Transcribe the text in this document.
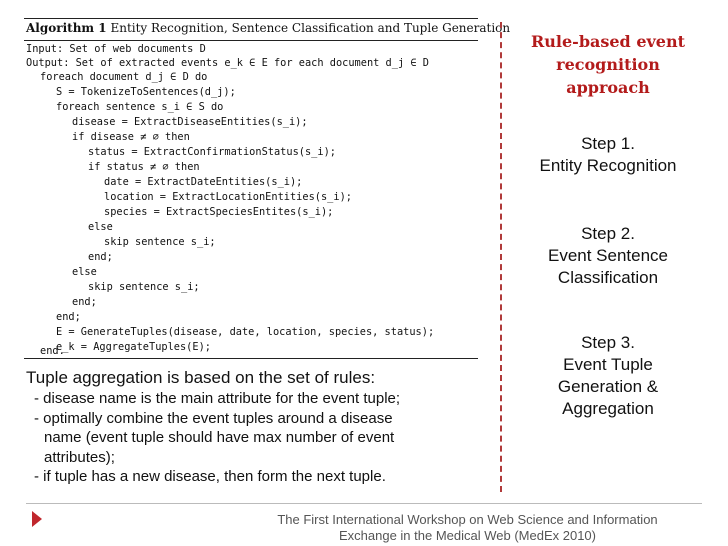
Algorithm 1 Entity Recognition, Sentence Classification and Tuple Generation
Input: Set of web documents D
Output: Set of extracted events e_k ∈ E for each document d_j ∈ D
foreach document d_j ∈ D do
S = TokenizeToSentences(d_j);
foreach sentence s_i ∈ S do
disease = ExtractDiseaseEntities(s_i);
if disease ≠ ∅ then
status = ExtractConfirmationStatus(s_i);
if status ≠ ∅ then
date = ExtractDateEntities(s_i);
location = ExtractLocationEntities(s_i);
species = ExtractSpeciesEntites(s_i);
else
skip sentence s_i;
end;
else
skip sentence s_i;
end;
end;
E = GenerateTuples(disease, date, location, species, status);
e_k = AggregateTuples(E);
end.
Rule-based event
recognition
approach
Step 1.
Entity Recognition
Step 2.
Event Sentence
Classification
Step 3.
Event Tuple
Generation &
Aggregation
Tuple aggregation is based on the set of rules:
- disease name is the main attribute for the event tuple;
- optimally combine the event tuples around a disease
name (event tuple should have max number of event
attributes);
- if tuple has a new disease, then form the next tuple.
The First International Workshop on Web Science and Information
Exchange in the Medical Web (MedEx 2010)
